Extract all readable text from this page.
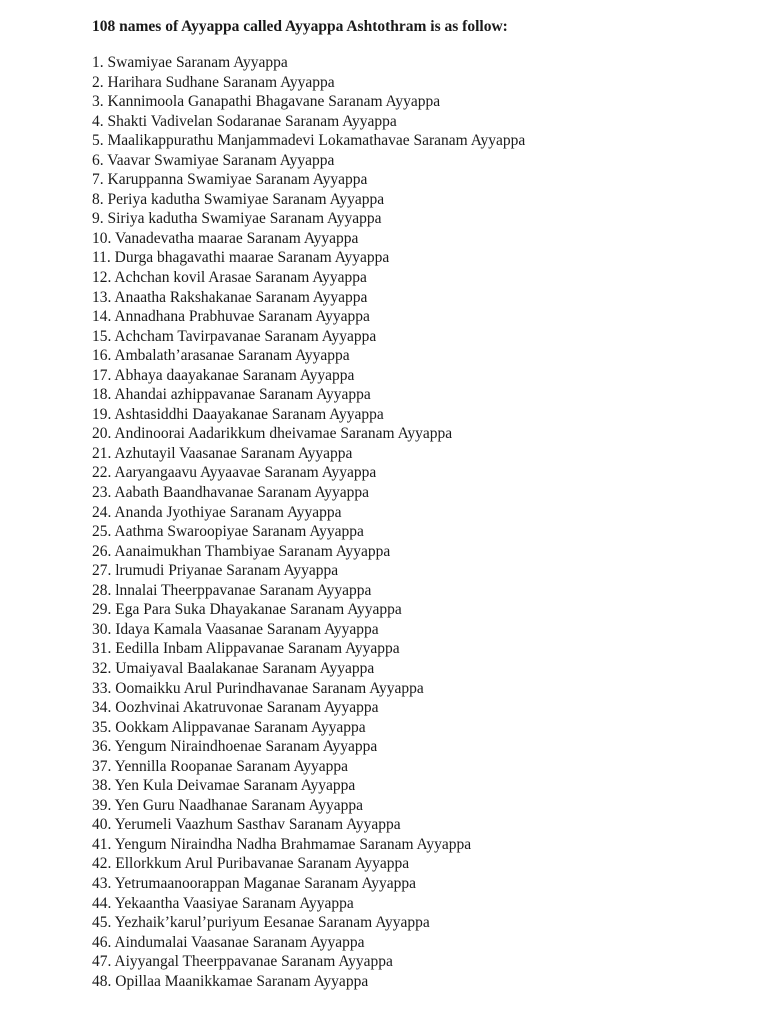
108 names of Ayyappa called Ayyappa Ashtothram is as follow:
1. Swamiyae Saranam Ayyappa
2. Harihara Sudhane Saranam Ayyappa
3. Kannimoola Ganapathi Bhagavane Saranam Ayyappa
4. Shakti Vadivelan Sodaranae Saranam Ayyappa
5. Maalikappurathu Manjammadevi Lokamathavae Saranam Ayyappa
6. Vaavar Swamiyae Saranam Ayyappa
7. Karuppanna Swamiyae Saranam Ayyappa
8. Periya kadutha Swamiyae Saranam Ayyappa
9. Siriya kadutha Swamiyae Saranam Ayyappa
10. Vanadevatha maarae Saranam Ayyappa
11. Durga bhagavathi maarae Saranam Ayyappa
12. Achchan kovil Arasae Saranam Ayyappa
13. Anaatha Rakshakanae Saranam Ayyappa
14. Annadhana Prabhuvae Saranam Ayyappa
15. Achcham Tavirpavanae Saranam Ayyappa
16. Ambalath’arasanae Saranam Ayyappa
17. Abhaya daayakanae Saranam Ayyappa
18. Ahandai azhippavanae Saranam Ayyappa
19. Ashtasiddhi Daayakanae Saranam Ayyappa
20. Andinoorai Aadarikkum dheivamae Saranam Ayyappa
21. Azhutayil Vaasanae Saranam Ayyappa
22. Aaryangaavu Ayyaavae Saranam Ayyappa
23. Aabath Baandhavanae Saranam Ayyappa
24. Ananda Jyothiyae Saranam Ayyappa
25. Aathma Swaroopiyae Saranam Ayyappa
26. Aanaimukhan Thambiyae Saranam Ayyappa
27. lrumudi Priyanae Saranam Ayyappa
28. lnnalai Theerppavanae Saranam Ayyappa
29. Ega Para Suka Dhayakanae Saranam Ayyappa
30. Idaya Kamala Vaasanae Saranam Ayyappa
31. Eedilla Inbam Alippavanae Saranam Ayyappa
32. Umaiyaval Baalakanae Saranam Ayyappa
33. Oomaikku Arul Purindhavanae Saranam Ayyappa
34. Oozhvinai Akatruvonae Saranam Ayyappa
35. Ookkam Alippavanae Saranam Ayyappa
36. Yengum Niraindhoenae Saranam Ayyappa
37. Yennilla Roopanae Saranam Ayyappa
38. Yen Kula Deivamae Saranam Ayyappa
39. Yen Guru Naadhanae Saranam Ayyappa
40. Yerumeli Vaazhum Sasthav Saranam Ayyappa
41. Yengum Niraindha Nadha Brahmamae Saranam Ayyappa
42. Ellorkkum Arul Puribavanae Saranam Ayyappa
43. Yetrumaanoorappan Maganae Saranam Ayyappa
44. Yekaantha Vaasiyae Saranam Ayyappa
45. Yezhaik’karul’puriyum Eesanae Saranam Ayyappa
46. Aindumalai Vaasanae Saranam Ayyappa
47. Aiyyangal Theerppavanae Saranam Ayyappa
48. Opillaa Maanikkamae Saranam Ayyappa
